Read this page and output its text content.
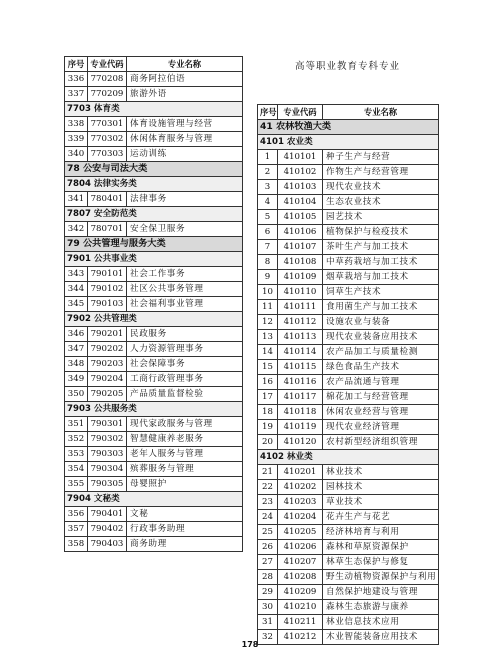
序号	专业代码	专业名称
336	770208	商务阿拉伯语
337	770209	旅游外语
7703 体育类		
338	770301	体育设施管理与经营
339	770302	休闲体育服务与管理
340	770303	运动训练
78 公安与司法大类		
7804 法律实务类		
341	780401	法律事务
7807 安全防范类		
342	780701	安全保卫服务
79 公共管理与服务大类		
7901 公共事业类		
343	790101	社会工作事务
344	790102	社区公共事务管理
345	790103	社会福利事业管理
7902 公共管理类		
346	790201	民政服务
347	790202	人力资源管理事务
348	790203	社会保障事务
349	790204	工商行政管理事务
350	790205	产品质量监督检验
7903 公共服务类		
351	790301	现代家政服务与管理
352	790302	智慧健康养老服务
353	790303	老年人服务与管理
354	790304	殡葬服务与管理
355	790305	母婴照护
7904 文秘类		
356	790401	文秘
357	790402	行政事务助理
358	790403	商务助理
高等职业教育专科专业
序号	专业代码	专业名称
41 农林牧渔大类		
4101 农业类		
1	410101	种子生产与经营
2	410102	作物生产与经营管理
3	410103	现代农业技术
4	410104	生态农业技术
5	410105	园艺技术
6	410106	植物保护与检疫技术
7	410107	茶叶生产与加工技术
8	410108	中草药栽培与加工技术
9	410109	烟草栽培与加工技术
10	410110	饲草生产技术
11	410111	食用菌生产与加工技术
12	410112	设施农业与装备
13	410113	现代农业装备应用技术
14	410114	农产品加工与质量检测
15	410115	绿色食品生产技术
16	410116	农产品流通与管理
17	410117	棉花加工与经营管理
18	410118	休闲农业经营与管理
19	410119	现代农业经济管理
20	410120	农村新型经济组织管理
4102 林业类		
21	410201	林业技术
22	410202	园林技术
23	410203	草业技术
24	410204	花卉生产与花艺
25	410205	经济林培育与利用
26	410206	森林和草原资源保护
27	410207	林草生态保护与修复
28	410208	野生动植物资源保护与利用
29	410209	自然保护地建设与管理
30	410210	森林生态旅游与康养
31	410211	林业信息技术应用
32	410212	木业智能装备应用技术
178
